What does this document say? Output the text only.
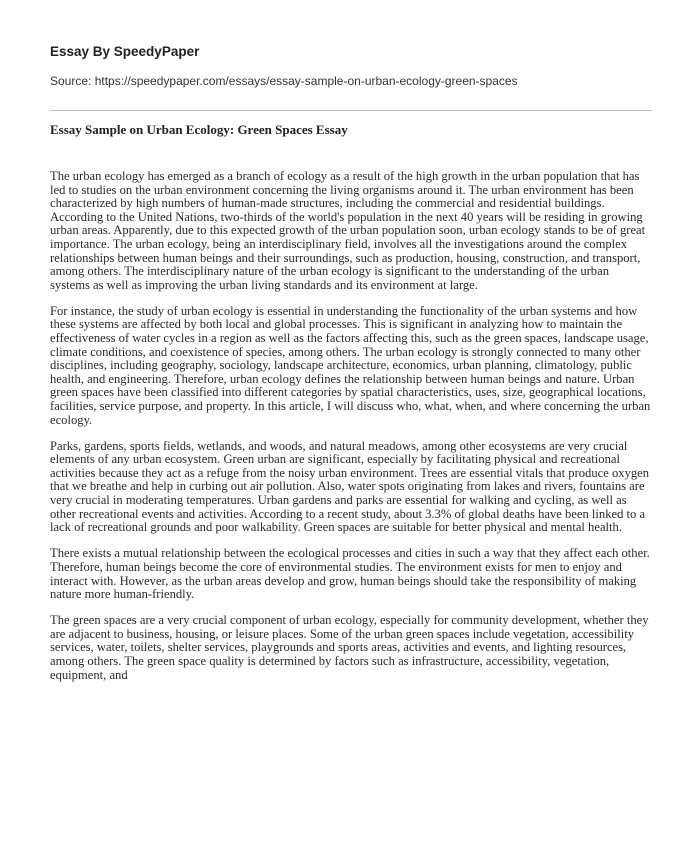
Essay By SpeedyPaper
Source: https://speedypaper.com/essays/essay-sample-on-urban-ecology-green-spaces
Essay Sample on Urban Ecology: Green Spaces Essay

The urban ecology has emerged as a branch of ecology as a result of the high growth in the urban population that has led to studies on the urban environment concerning the living organisms around it. The urban environment has been characterized by high numbers of human-made structures, including the commercial and residential buildings. According to the United Nations, two-thirds of the world's population in the next 40 years will be residing in growing urban areas. Apparently, due to this expected growth of the urban population soon, urban ecology stands to be of great importance. The urban ecology, being an interdisciplinary field, involves all the investigations around the complex relationships between human beings and their surroundings, such as production, housing, construction, and transport, among others. The interdisciplinary nature of the urban ecology is significant to the understanding of the urban systems as well as improving the urban living standards and its environment at large.

For instance, the study of urban ecology is essential in understanding the functionality of the urban systems and how these systems are affected by both local and global processes. This is significant in analyzing how to maintain the effectiveness of water cycles in a region as well as the factors affecting this, such as the green spaces, landscape usage, climate conditions, and coexistence of species, among others. The urban ecology is strongly connected to many other disciplines, including geography, sociology, landscape architecture, economics, urban planning, climatology, public health, and engineering. Therefore, urban ecology defines the relationship between human beings and nature. Urban green spaces have been classified into different categories by spatial characteristics, uses, size, geographical locations, facilities, service purpose, and property. In this article, I will discuss who, what, when, and where concerning the urban ecology.

Parks, gardens, sports fields, wetlands, and woods, and natural meadows, among other ecosystems are very crucial elements of any urban ecosystem. Green urban are significant, especially by facilitating physical and recreational activities because they act as a refuge from the noisy urban environment. Trees are essential vitals that produce oxygen that we breathe and help in curbing out air pollution. Also, water spots originating from lakes and rivers, fountains are very crucial in moderating temperatures. Urban gardens and parks are essential for walking and cycling, as well as other recreational events and activities. According to a recent study, about 3.3% of global deaths have been linked to a lack of recreational grounds and poor walkability. Green spaces are suitable for better physical and mental health.

There exists a mutual relationship between the ecological processes and cities in such a way that they affect each other. Therefore, human beings become the core of environmental studies. The environment exists for men to enjoy and interact with. However, as the urban areas develop and grow, human beings should take the responsibility of making nature more human-friendly.

The green spaces are a very crucial component of urban ecology, especially for community development, whether they are adjacent to business, housing, or leisure places. Some of the urban green spaces include vegetation, accessibility services, water, toilets, shelter services, playgrounds and sports areas, activities and events, and lighting resources, among others. The green space quality is determined by factors such as infrastructure, accessibility, vegetation, equipment, and
